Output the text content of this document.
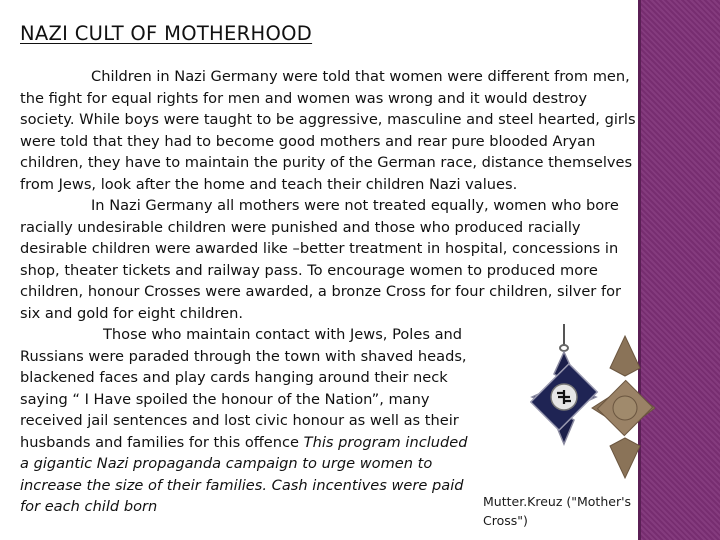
NAZI CULT OF MOTHERHOOD
Children in Nazi Germany were told that women were different from men,
the fight for equal rights for men and women was wrong and it would destroy
society. While boys were taught to be aggressive, masculine and steel hearted, girls
were told that they had to become good mothers and rear pure blooded Aryan
children, they have to maintain the purity of the German race, distance themselves
from Jews, look after the home and teach their children Nazi values.
In Nazi Germany all mothers were not treated equally, women who bore
racially undesirable children were punished and those who produced racially
desirable children were awarded like –better treatment in hospital, concessions in
shop, theater tickets and railway pass. To encourage women to produced more
children, honour Crosses were awarded, a bronze Cross for four children, silver for
six and gold for eight children.
Those who maintain contact with Jews, Poles and
Russians were paraded through the town with shaved heads,
blackened faces and play cards hanging around their neck
saying “ I Have spoiled the honour of the Nation”, many
received jail sentences and lost civic honour as well as their
husbands and families for this offence This program included
a gigantic Nazi propaganda campaign to urge women to
increase the size of their families. Cash incentives were paid
for each child born	Mutter.Kreuz ("Mother's
Cross")
